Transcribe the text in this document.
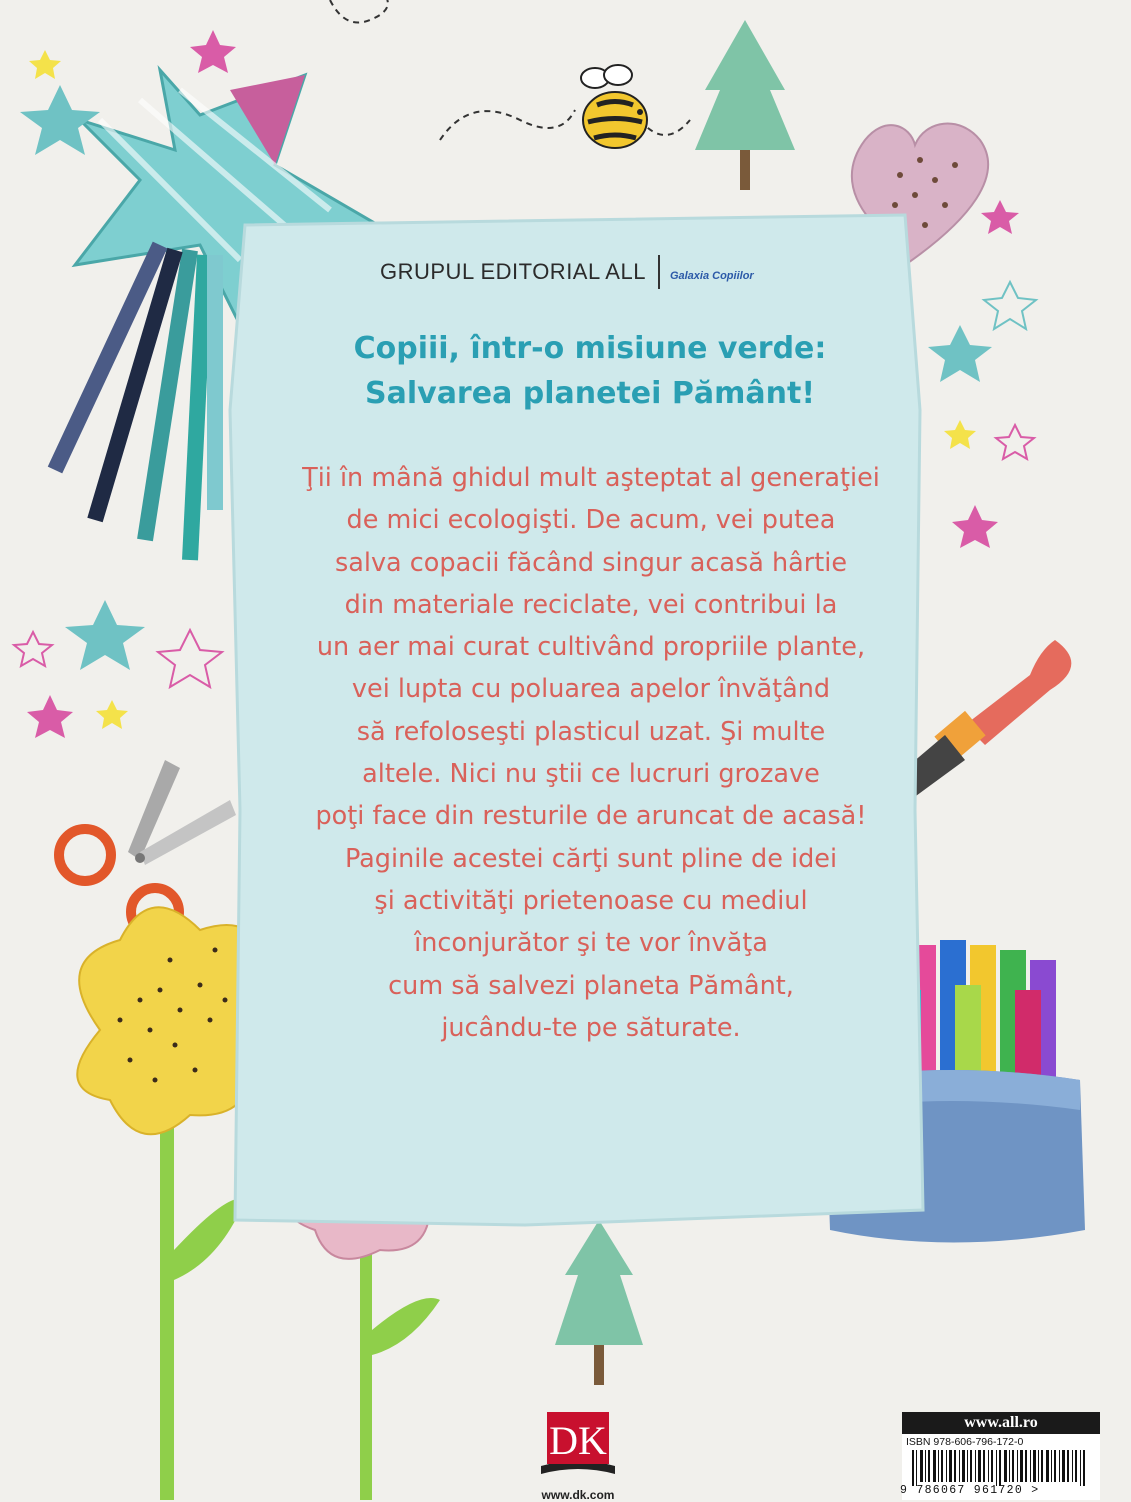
GRUPUL EDITORIAL ALL Galaxia Copiilor
Copiii, într-o misiune verde:
Salvarea planetei Pământ!
Ţii în mână ghidul mult aşteptat al generaţiei
de mici ecologişti. De acum, vei putea
salva copacii făcând singur acasă hârtie
din materiale reciclate, vei contribui la
un aer mai curat cultivând propriile plante,
vei lupta cu poluarea apelor învăţând
să refoloseşti plasticul uzat. Şi multe
altele. Nici nu ştii ce lucruri grozave
poţi face din resturile de aruncat de acasă!
Paginile acestei cărţi sunt pline de idei
şi activităţi prietenoase cu mediul
înconjurător şi te vor învăţa
cum să salvezi planeta Pământ,
jucându-te pe săturate.
DK
www.dk.com
www.all.ro
ISBN 978-606-796-172-0
9 786067 961720 >
